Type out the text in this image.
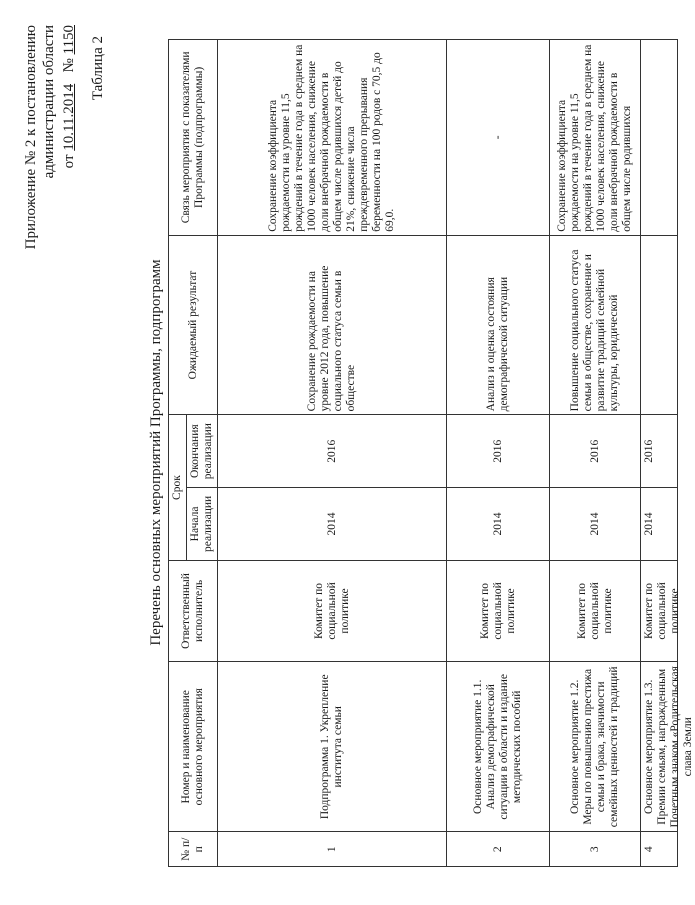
Приложение № 2 к постановлению администрации области от 10.11.2014   № 1150 Таблица 2
Перечень основных мероприятий Программы, подпрограмм
№ п/п	Номер и наименование основного мероприятия	Ответственный исполнитель	Срок		Ожидаемый результат	Связь мероприятия с показателями Программы (подпрограммы)
			Начала реализации	Окончания реализации		
1	Подпрограмма 1. Укрепление института семьи	Комитет по социальной политике	2014	2016	Сохранение рождаемости на уровне 2012 года, повышение социального статуса семьи в обществе	Сохранение коэффициента рождаемости на уровне 11,5 рождений в течение года в среднем на 1000 человек населения, снижение доли внебрачной рождаемости в общем числе родившихся детей до 21%, снижение числа преждевременного прерывания беременности на 100 родов с 70,5 до 69,0.
2	Основное мероприятие 1.1. Анализ демографической ситуации в области и издание методических пособий	Комитет по социальной политике	2014	2016	Анализ и оценка состояния демографической ситуации	-
3	Основное мероприятие 1.2. Меры по повышению престижа семьи и брака, значимости семейных ценностей и традиций	Комитет по социальной политике	2014	2016	Повышение социального статуса семьи в обществе, сохранение и развитие традиций семейной культуры, юридической	Сохранение коэффициента рождаемости на уровне 11,5 рождений в течение года в среднем на 1000 человек населения, снижение доли внебрачной рождаемости в общем числе родившихся
4	Основное мероприятие 1.3. Премии семьям, награжденным Почетным знаком «Родительская слава Земли	Комитет по социальной политике	2014	2016		
